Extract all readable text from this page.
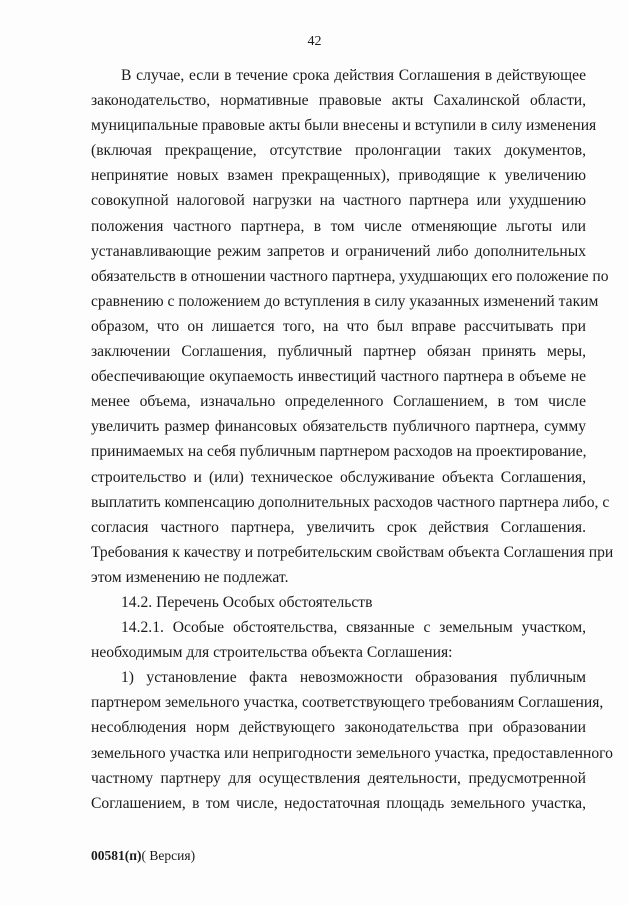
42
В случае, если в течение срока действия Соглашения в действующее
законодательство, нормативные правовые акты Сахалинской области,
муниципальные правовые акты были внесены и вступили в силу изменения
(включая прекращение, отсутствие пролонгации таких документов,
непринятие новых взамен прекращенных), приводящие к увеличению
совокупной налоговой нагрузки на частного партнера или ухудшению
положения частного партнера, в том числе отменяющие льготы или
устанавливающие режим запретов и ограничений либо дополнительных
обязательств в отношении частного партнера, ухудшающих его положение по
сравнению с положением до вступления в силу указанных изменений таким
образом, что он лишается того, на что был вправе рассчитывать при
заключении Соглашения, публичный партнер обязан принять меры,
обеспечивающие окупаемость инвестиций частного партнера в объеме не
менее объема, изначально определенного Соглашением, в том числе
увеличить размер финансовых обязательств публичного партнера, сумму
принимаемых на себя публичным партнером расходов на проектирование,
строительство и (или) техническое обслуживание объекта Соглашения,
выплатить компенсацию дополнительных расходов частного партнера либо, с
согласия частного партнера, увеличить срок действия Соглашения.
Требования к качеству и потребительским свойствам объекта Соглашения при
этом изменению не подлежат.
14.2. Перечень Особых обстоятельств
14.2.1. Особые обстоятельства, связанные с земельным участком,
необходимым для строительства объекта Соглашения:
1) установление факта невозможности образования публичным
партнером земельного участка, соответствующего требованиям Соглашения,
несоблюдения норм действующего законодательства при образовании
земельного участка или непригодности земельного участка, предоставленного
частному партнеру для осуществления деятельности, предусмотренной
Соглашением, в том числе, недостаточная площадь земельного участка,
00581(п)( Версия)
